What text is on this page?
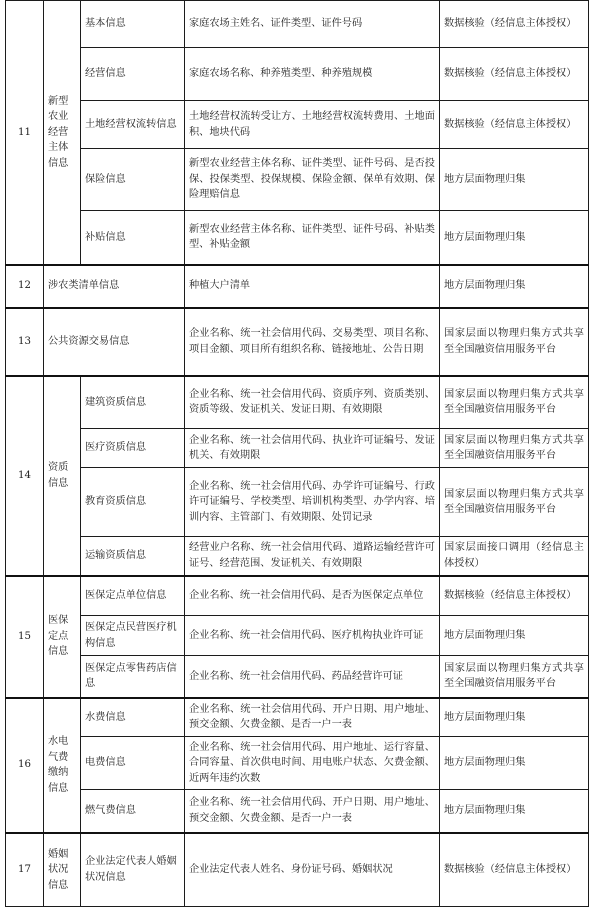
11	新型农业经营主体信息	基本信息	家庭农场主姓名、证件类型、证件号码	数据核验（经信息主体授权）
		经营信息	家庭农场名称、种养殖类型、种养殖规模	数据核验（经信息主体授权）
		土地经营权流转信息	土地经营权流转受让方、土地经营权流转费用、土地面积、地块代码	数据核验（经信息主体授权）
		保险信息	新型农业经营主体名称、证件类型、证件号码、是否投保、投保类型、投保规模、保险金额、保单有效期、保险理赔信息	地方层面物理归集
		补贴信息	新型农业经营主体名称、证件类型、证件号码、补贴类型、补贴金额	地方层面物理归集
12	涉农类清单信息		种植大户清单	地方层面物理归集
13	公共资源交易信息		企业名称、统一社会信用代码、交易类型、项目名称、项目金额、项目所有组织名称、链接地址、公告日期	国家层面以物理归集方式共享至全国融资信用服务平台
14	资质信息	建筑资质信息	企业名称、统一社会信用代码、资质序列、资质类别、资质等级、发证机关、发证日期、有效期限	国家层面以物理归集方式共享至全国融资信用服务平台
		医疗资质信息	企业名称、统一社会信用代码、执业许可证编号、发证机关、有效期限	国家层面以物理归集方式共享至全国融资信用服务平台
		教育资质信息	企业名称、统一社会信用代码、办学许可证编号、行政许可证编号、学校类型、培训机构类型、办学内容、培训内容、主管部门、有效期限、处罚记录	国家层面以物理归集方式共享至全国融资信用服务平台
		运输资质信息	经营业户名称、统一社会信用代码、道路运输经营许可证号、经营范围、发证机关、有效期限	国家层面接口调用（经信息主体授权）
15	医保定点信息	医保定点单位信息	企业名称、统一社会信用代码、是否为医保定点单位	数据核验（经信息主体授权）
		医保定点民营医疗机构信息	企业名称、统一社会信用代码、医疗机构执业许可证	地方层面物理归集
		医保定点零售药店信息	企业名称、统一社会信用代码、药品经营许可证	国家层面以物理归集方式共享至全国融资信用服务平台
16	水电气费缴纳信息	水费信息	企业名称、统一社会信用代码、开户日期、用户地址、预交金额、欠费金额、是否一户一表	地方层面物理归集
		电费信息	企业名称、统一社会信用代码、用户地址、运行容量、合同容量、首次供电时间、用电账户状态、欠费金额、近两年违约次数	地方层面物理归集
		燃气费信息	企业名称、统一社会信用代码、开户日期、用户地址、预交金额、欠费金额、是否一户一表	地方层面物理归集
17	婚姻状况信息	企业法定代表人婚姻状况信息	企业法定代表人姓名、身份证号码、婚姻状况	数据核验（经信息主体授权）
